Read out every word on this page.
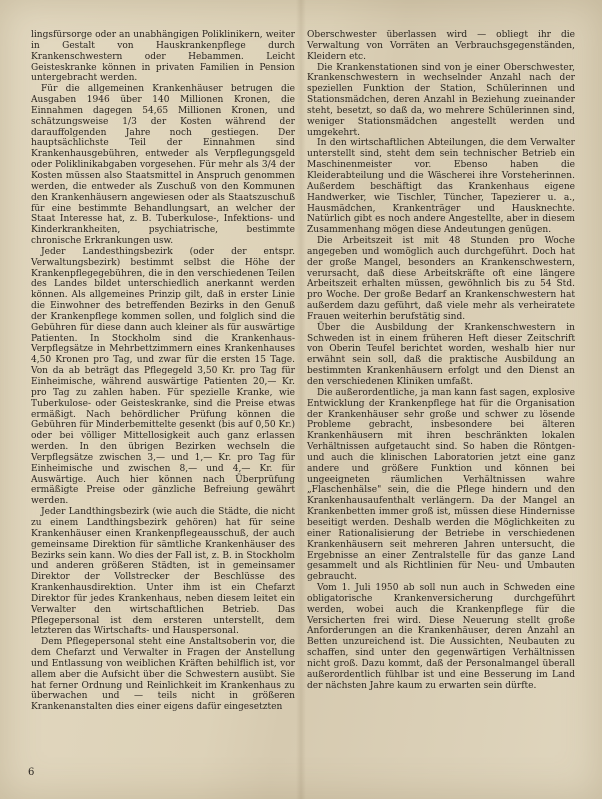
lingsfürsorge oder an unabhängigen Poliklinikern, weiter in Gestalt von Hauskrankenpflege durch Krankenschwestern oder Hebammen. Leicht Geisteskranke können in privaten Familien in Pension untergebracht werden.

Für die allgemeinen Krankenhäuser betrugen die Ausgaben 1946 über 140 Millionen Kronen, die Einnahmen dagegen 54,65 Millionen Kronen, und schätzungsweise 1/3 der Kosten während der darauffolgenden Jahre noch gestiegen. Der hauptsächlichste Teil der Einnahmen sind Krankenhausgebühren, entweder als Verpflegungsgeld oder Poliklinikabgaben vorgesehen. Für mehr als 3/4 der Kosten müssen also Staatsmittel in Anspruch genommen werden, die entweder als Zuschuß von den Kommunen den Krankenhäusern angewiesen oder als Staatszuschuß für eine bestimmte Behandlungsart, an welcher der Staat Interesse hat, z. B. Tuberkulose-, Infektions- und Kinderkrankheiten, psychiatrische, bestimmte chronische Erkrankungen usw.

Jeder Landesthingsbezirk (oder der entspr. Verwaltungsbezirk) bestimmt selbst die Höhe der Krankenpflegegebühren, die in den verschiedenen Teilen des Landes bildet unterschiedlich anerkannt werden können. Als allgemeines Prinzip gilt, daß in erster Linie die Einwohner des betreffenden Bezirks in den Genuß der Krankenpflege kommen sollen, und folglich sind die Gebühren für diese dann auch kleiner als für auswärtige Patienten. In Stockholm sind die Krankenhaus-Verpflegsätze in Mehrbettzimmern eines Krankenhauses 4,50 Kronen pro Tag, und zwar für die ersten 15 Tage. Von da ab beträgt das Pflegegeld 3,50 Kr. pro Tag für Einheimische, während auswärtige Patienten 20,— Kr. pro Tag zu zahlen haben. Für spezielle Kranke, wie Tuberkulose- oder Geisteskranke, sind die Preise etwas ermäßigt. Nach behördlicher Prüfung können die Gebühren für Minderbemittelte gesenkt (bis auf 0,50 Kr.) oder bei völliger Mittellosigkeit auch ganz erlassen werden. In den übrigen Bezirken wechseln die Verpflegsätze zwischen 3,— und 1,— Kr. pro Tag für Einheimische und zwischen 8,— und 4,— Kr. für Auswärtige. Auch hier können nach Überprüfung ermäßigte Preise oder gänzliche Befreiung gewährt werden.

Jeder Landthingsbezirk (wie auch die Städte, die nicht zu einem Landthingsbezirk gehören) hat für seine Krankenhäuser einen Krankenpflegeausschuß, der auch gemeinsame Direktion für sämtliche Krankenhäuser des Bezirks sein kann. Wo dies der Fall ist, z. B. in Stockholm und anderen größeren Städten, ist in gemeinsamer Direktor der Vollstrecker der Beschlüsse des Krankenhausdirektion. Unter ihm ist ein Chefarzt Direktor für jedes Krankenhaus, neben diesem leitet ein Verwalter den wirtschaftlichen Betrieb. Das Pflegepersonal ist dem ersteren unterstellt, dem letzteren das Wirtschafts- und Hauspersonal.

Dem Pflegepersonal steht eine Anstaltsoberin vor, die dem Chefarzt und Verwalter in Fragen der Anstellung und Entlassung von weiblichen Kräften behilflich ist, vor allem aber die Aufsicht über die Schwestern ausübt. Sie hat ferner Ordnung und Reinlichkeit im Krankenhaus zu überwachen und — teils nicht in größeren Krankenanstalten dies einer eigens dafür eingesetzten

Oberschwester überlassen wird — obliegt ihr die Verwaltung von Vorräten an Verbrauchsgegenständen, Kleidern etc.

Die Krankenstationen sind von je einer Oberschwester, Krankenschwestern in wechselnder Anzahl nach der speziellen Funktion der Station, Schülerinnen und Stationsmädchen, deren Anzahl in Beziehung zueinander steht, besetzt, so daß da, wo mehrere Schülerinnen sind, weniger Stationsmädchen angestellt werden und umgekehrt.

In den wirtschaftlichen Abteilungen, die dem Verwalter unterstellt sind, steht dem sein technischer Betrieb ein Maschinenmeister vor. Ebenso haben die Kleiderabteilung und die Wäscherei ihre Vorsteherinnen. Außerdem beschäftigt das Krankenhaus eigene Handwerker, wie Tischler, Tüncher, Tapezierer u. a., Hausmädchen, Krankenträger und Hausknechte. Natürlich gibt es noch andere Angestellte, aber in diesem Zusammenhang mögen diese Andeutungen genügen.

Die Arbeitszeit ist mit 48 Stunden pro Woche angegeben und womöglich auch durchgeführt. Doch hat der große Mangel, besonders an Krankenschwestern, verursacht, daß diese Arbeitskräfte oft eine längere Arbeitszeit erhalten müssen, gewöhnlich bis zu 54 Std. pro Woche. Der große Bedarf an Krankenschwestern hat außerdem dazu geführt, daß viele mehr als verheiratete Frauen weiterhin berufstätig sind.

Über die Ausbildung der Krankenschwestern in Schweden ist in einem früheren Heft dieser Zeitschrift von Oberin Teufel berichtet worden, weshalb hier nur erwähnt sein soll, daß die praktische Ausbildung an bestimmten Krankenhäusern erfolgt und den Dienst an den verschiedenen Kliniken umfaßt.

Die außerordentliche, ja man kann fast sagen, explosive Entwicklung der Krankenpflege hat für die Organisation der Krankenhäuser sehr große und schwer zu lösende Probleme gebracht, insbesondere bei älteren Krankenhäusern mit ihren beschränkten lokalen Verhältnissen aufgetaucht sind. So haben die Röntgen- und auch die klinischen Laboratorien jetzt eine ganz andere und größere Funktion und können bei ungeeigneten räumlichen Verhältnissen wahre „Flaschenhälse" sein, die die Pflege hindern und den Krankenhausaufenthalt verlängern. Da der Mangel an Krankenbetten immer groß ist, müssen diese Hindernisse beseitigt werden. Deshalb werden die Möglichkeiten zu einer Rationalisierung der Betriebe in verschiedenen Krankenhäusern seit mehreren Jahren untersucht, die Ergebnisse an einer Zentralstelle für das ganze Land gesammelt und als Richtlinien für Neu- und Umbauten gebraucht.

Vom 1. Juli 1950 ab soll nun auch in Schweden eine obligatorische Krankenversicherung durchgeführt werden, wobei auch die Krankenpflege für die Versicherten frei wird. Diese Neuerung stellt große Anforderungen an die Krankenhäuser, deren Anzahl an Betten unzureichend ist. Die Aussichten, Neubauten zu schaffen, sind unter den gegenwärtigen Verhältnissen nicht groß. Dazu kommt, daß der Personalmangel überall außerordentlich fühlbar ist und eine Besserung im Land der nächsten Jahre kaum zu erwarten sein dürfte.

6
